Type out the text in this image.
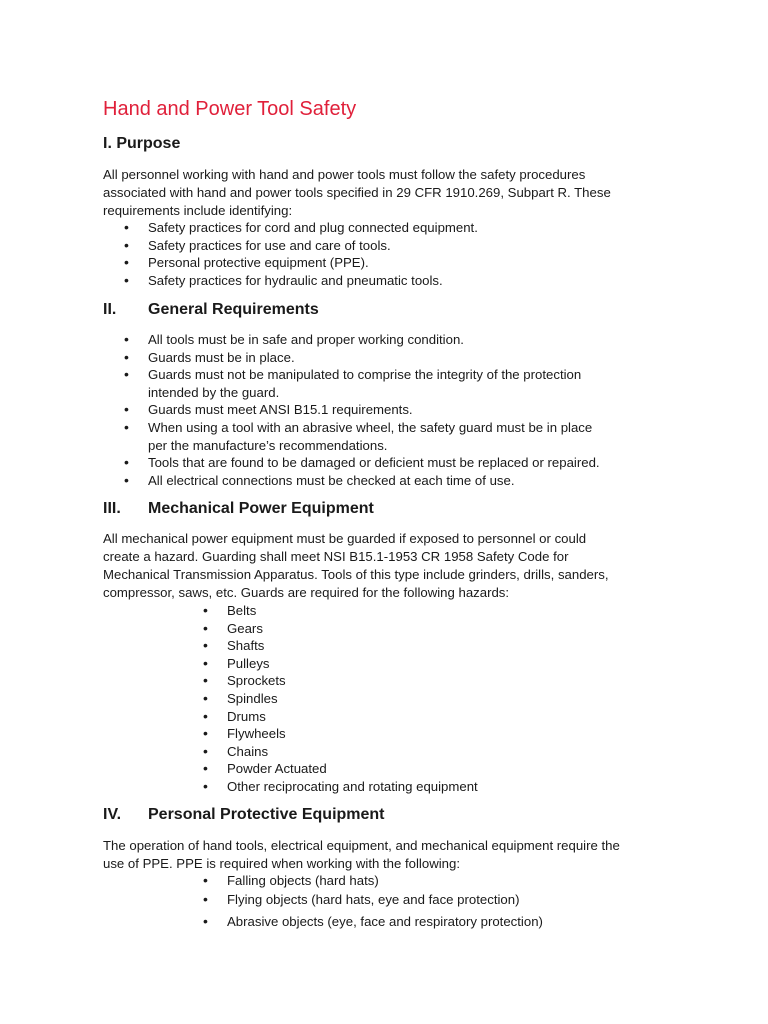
Hand and Power Tool Safety
I. Purpose

All personnel working with hand and power tools must follow the safety procedures associated with hand and power tools specified in 29 CFR 1910.269, Subpart R. These requirements include identifying:

• Safety practices for cord and plug connected equipment.
• Safety practices for use and care of tools.
• Personal protective equipment (PPE).
• Safety practices for hydraulic and pneumatic tools.
II. General Requirements
• All tools must be in safe and proper working condition.
• Guards must be in place.
• Guards must not be manipulated to comprise the integrity of the protection intended by the guard.
• Guards must meet ANSI B15.1 requirements.
• When using a tool with an abrasive wheel, the safety guard must be in place per the manufacture’s recommendations.
• Tools that are found to be damaged or deficient must be replaced or repaired.
• All electrical connections must be checked at each time of use.
III. Mechanical Power Equipment

All mechanical power equipment must be guarded if exposed to personnel or could create a hazard. Guarding shall meet NSI B15.1-1953 CR 1958 Safety Code for Mechanical Transmission Apparatus. Tools of this type include grinders, drills, sanders, compressor, saws, etc. Guards are required for the following hazards:

• Belts
• Gears
• Shafts
• Pulleys
• Sprockets
• Spindles
• Drums
• Flywheels
• Chains
• Powder Actuated
• Other reciprocating and rotating equipment
IV. Personal Protective Equipment

The operation of hand tools, electrical equipment, and mechanical equipment require the use of PPE. PPE is required when working with the following:

• Falling objects (hard hats)
• Flying objects (hard hats, eye and face protection)
• Abrasive objects (eye, face and respiratory protection)
